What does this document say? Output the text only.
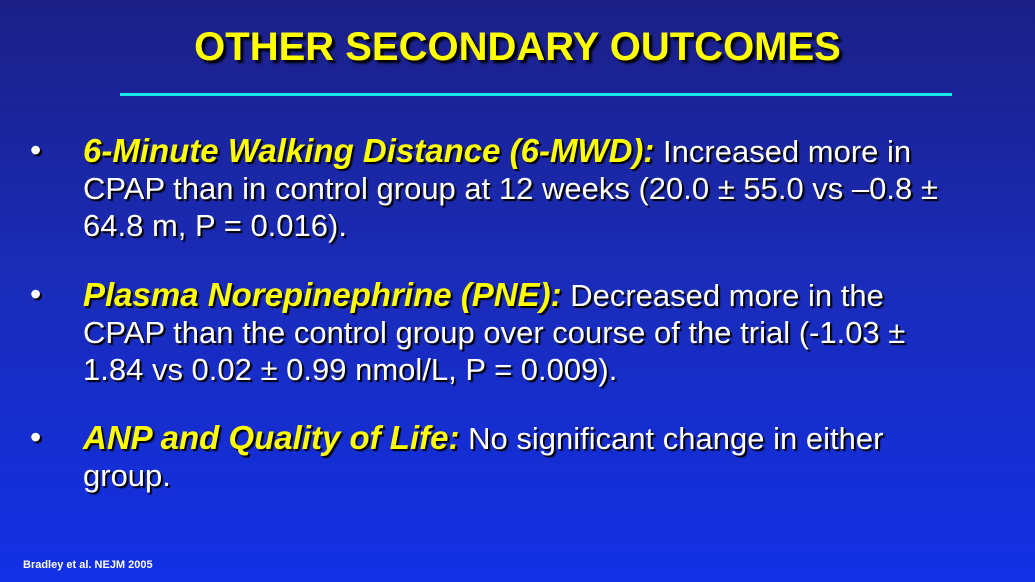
OTHER SECONDARY OUTCOMES
• 6-Minute Walking Distance (6-MWD): Increased more in CPAP than in control group at 12 weeks (20.0 ± 55.0 vs –0.8 ± 64.8 m, P = 0.016).
• Plasma Norepinephrine (PNE): Decreased more in the CPAP than the control group over course of the trial (-1.03 ± 1.84 vs 0.02 ± 0.99 nmol/L, P = 0.009).
• ANP and Quality of Life: No significant change in either group.
Bradley et al. NEJM 2005
